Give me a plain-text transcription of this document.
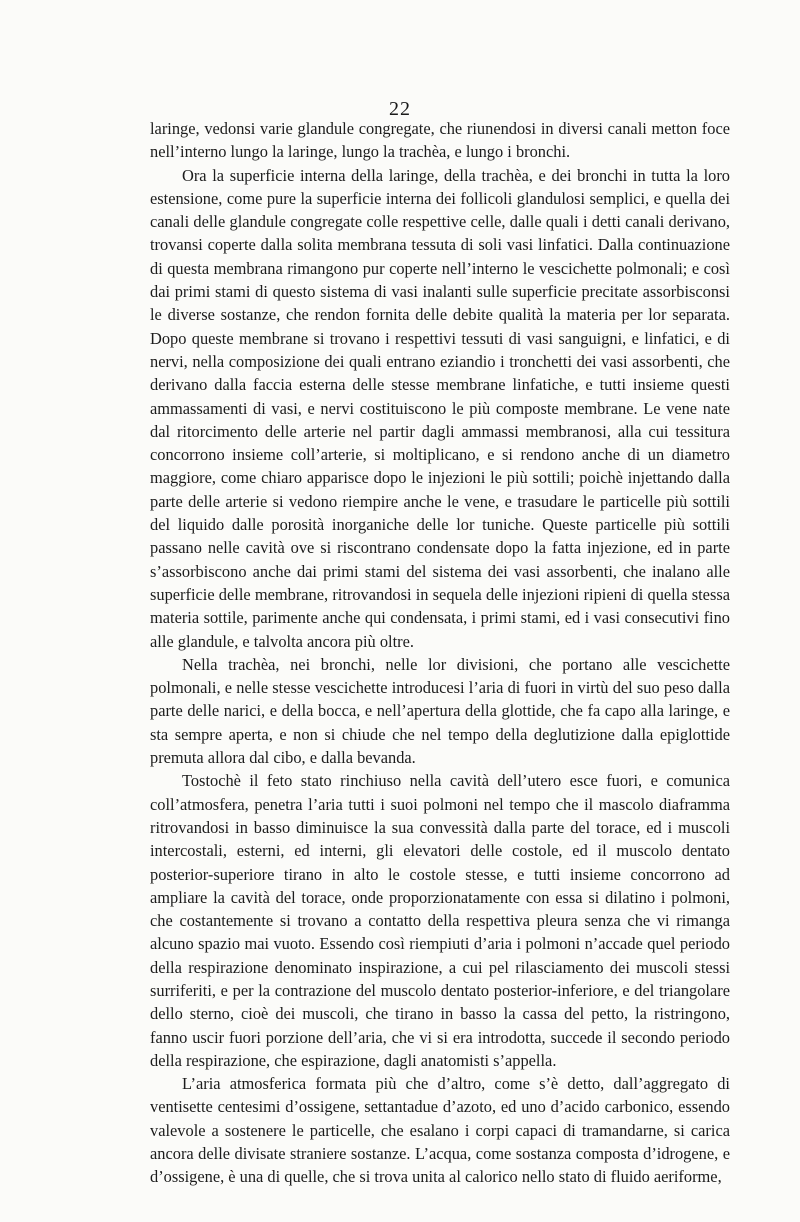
22

laringe, vedonsi varie glandule congregate, che riunendosi in diversi canali metton foce nell’interno lungo la laringe, lungo la trachèa, e lungo i bronchi.

Ora la superficie interna della laringe, della trachèa, e dei bronchi in tutta la loro estensione, come pure la superficie interna dei follicoli glandulosi semplici, e quella dei canali delle glandule congregate colle respettive celle, dalle quali i detti canali derivano, trovansi coperte dalla solita membrana tessuta di soli vasi linfatici. Dalla continuazione di questa membrana rimangono pur coperte nell’interno le vescichette polmonali; e così dai primi stami di questo sistema di vasi inalanti sulle superficie precitate assorbisconsi le diverse sostanze, che rendon fornita delle debite qualità la materia per lor separata. Dopo queste membrane si trovano i respettivi tessuti di vasi sanguigni, e linfatici, e di nervi, nella composizione dei quali entrano eziandio i tronchetti dei vasi assorbenti, che derivano dalla faccia esterna delle stesse membrane linfatiche, e tutti insieme questi ammassamenti di vasi, e nervi costituiscono le più composte membrane. Le vene nate dal ritorcimento delle arterie nel partir dagli ammassi membranosi, alla cui tessitura concorrono insieme coll’arterie, si moltiplicano, e si rendono anche di un diametro maggiore, come chiaro apparisce dopo le injezioni le più sottili; poichè injettando dalla parte delle arterie si vedono riempire anche le vene, e trasudare le particelle più sottili del liquido dalle porosità inorganiche delle lor tuniche. Queste particelle più sottili passano nelle cavità ove si riscontrano condensate dopo la fatta injezione, ed in parte s’assorbiscono anche dai primi stami del sistema dei vasi assorbenti, che inalano alle superficie delle membrane, ritrovandosi in sequela delle injezioni ripieni di quella stessa materia sottile, parimente anche qui condensata, i primi stami, ed i vasi consecutivi fino alle glandule, e talvolta ancora più oltre.

Nella trachèa, nei bronchi, nelle lor divisioni, che portano alle vescichette polmonali, e nelle stesse vescichette introducesi l’aria di fuori in virtù del suo peso dalla parte delle narici, e della bocca, e nell’apertura della glottide, che fa capo alla laringe, e sta sempre aperta, e non si chiude che nel tempo della deglutizione dalla epiglottide premuta allora dal cibo, e dalla bevanda.

Tostochè il feto stato rinchiuso nella cavità dell’utero esce fuori, e comunica coll’atmosfera, penetra l’aria tutti i suoi polmoni nel tempo che il mascolo diaframma ritrovandosi in basso diminuisce la sua convessità dalla parte del torace, ed i muscoli intercostali, esterni, ed interni, gli elevatori delle costole, ed il muscolo dentato posterior-superiore tirano in alto le costole stesse, e tutti insieme concorrono ad ampliare la cavità del torace, onde proporzionatamente con essa si dilatino i polmoni, che costantemente si trovano a contatto della respettiva pleura senza che vi rimanga alcuno spazio mai vuoto. Essendo così riempiuti d’aria i polmoni n’accade quel periodo della respirazione denominato inspirazione, a cui pel rilasciamento dei muscoli stessi surriferiti, e per la contrazione del muscolo dentato posterior-inferiore, e del triangolare dello sterno, cioè dei muscoli, che tirano in basso la cassa del petto, la ristringono, fanno uscir fuori porzione dell’aria, che vi si era introdotta, succede il secondo periodo della respirazione, che espirazione, dagli anatomisti s’appella.

L’aria atmosferica formata più che d’altro, come s’è detto, dall’aggregato di ventisette centesimi d’ossigene, settantadue d’azoto, ed uno d’acido carbonico, essendo valevole a sostenere le particelle, che esalano i corpi capaci di tramandarne, si carica ancora delle divisate straniere sostanze. L’acqua, come sostanza composta d’idrogene, e d’ossigene, è una di quelle, che si trova unita al calorico nello stato di fluido aeriforme,
